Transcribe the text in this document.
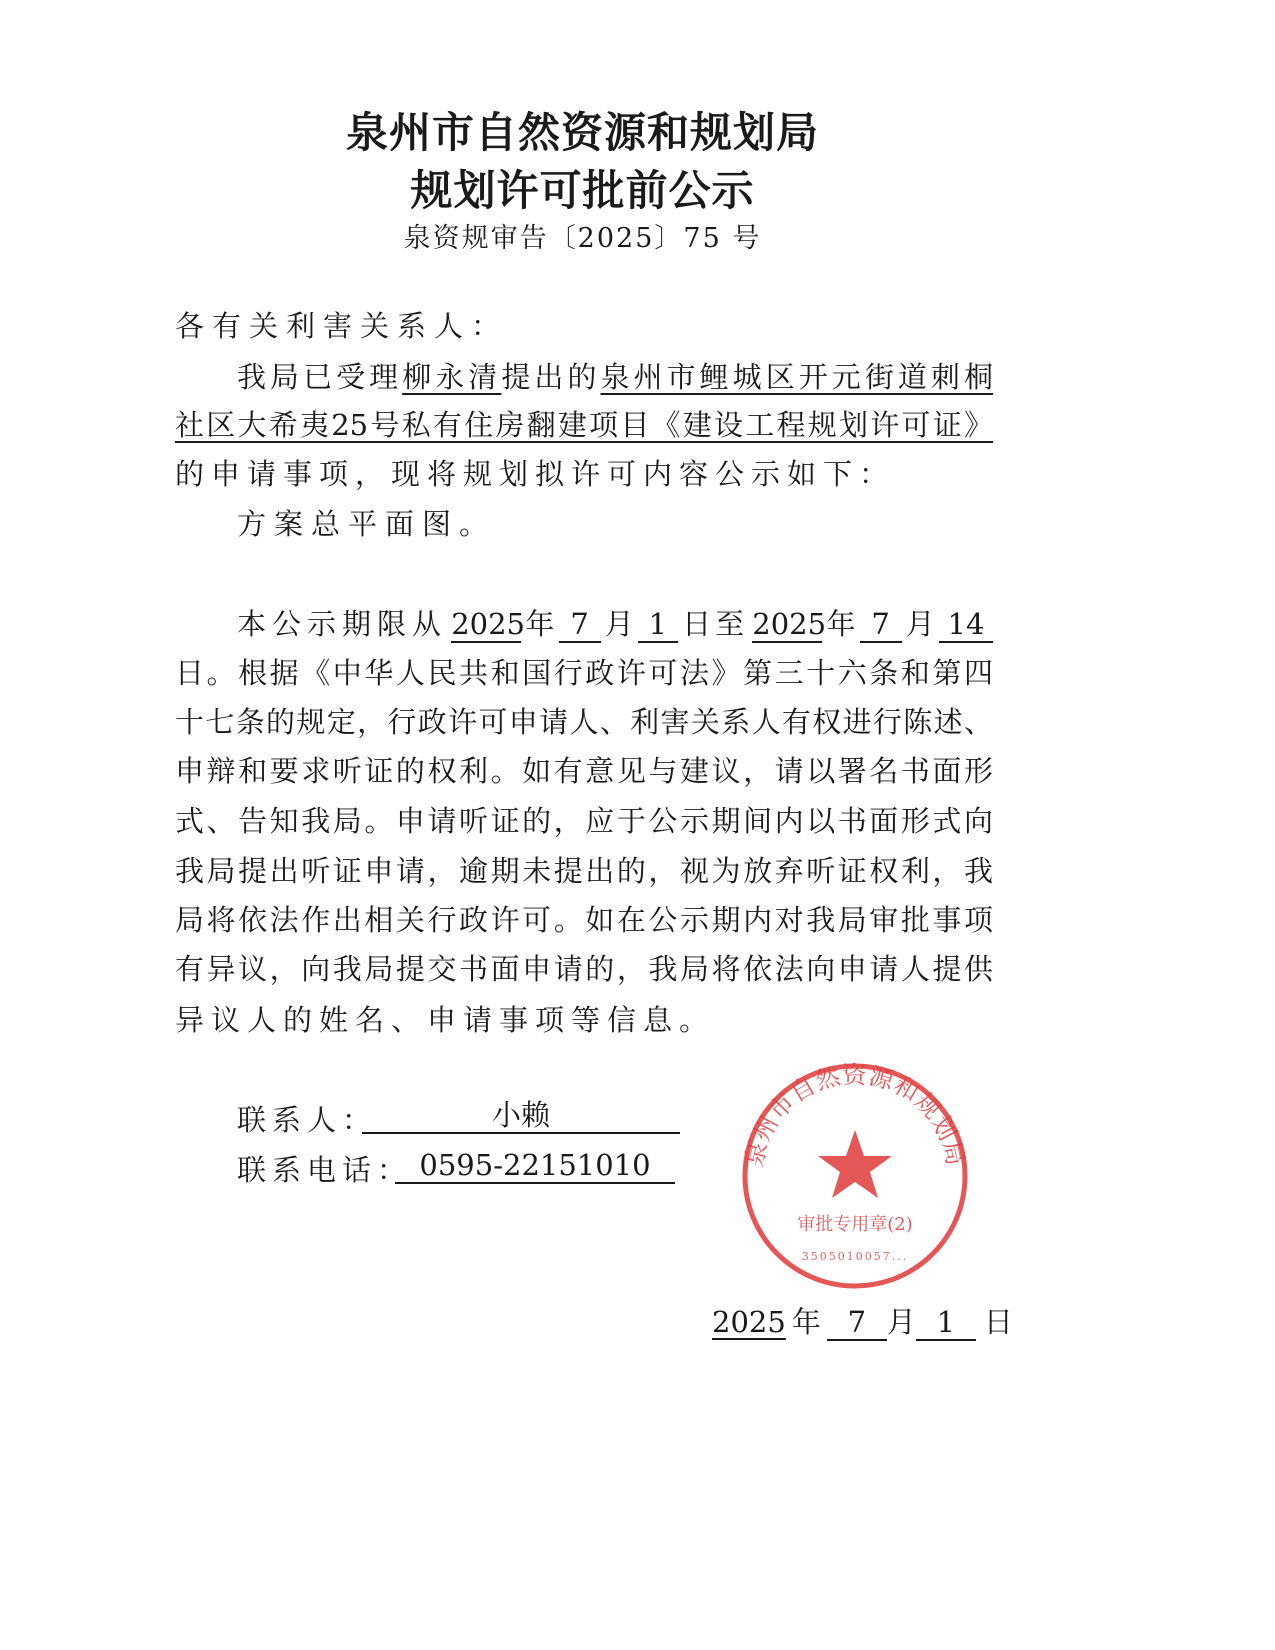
泉州市自然资源和规划局
规划许可批前公示
泉资规审告〔2025〕75 号
各有关利害关系人：
我局已受理柳永清提出的泉州市鲤城区开元街道刺桐
社区大希夷25号私有住房翻建项目《建设工程规划许可证》
的申请事项，现将规划拟许可内容公示如下：
方案总平面图。
本公示期限从 2025 年 7 月 1 日至 2025 年 7 月 14
日。根据《中华人民共和国行政许可法》第三十六条和第四
十七条的规定，行政许可申请人、利害关系人有权进行陈述、
申辩和要求听证的权利。如有意见与建议，请以署名书面形
式、告知我局。申请听证的，应于公示期间内以书面形式向
我局提出听证申请，逾期未提出的，视为放弃听证权利，我
局将依法作出相关行政许可。如在公示期内对我局审批事项
有异议，向我局提交书面申请的，我局将依法向申请人提供
异议人的姓名、申请事项等信息。
联系人：	小赖
联系电话： 0595-22151010	泉州市自然资源和规划局
审批专用章(2)
3505010057...
2025 年 7 月 1 日
